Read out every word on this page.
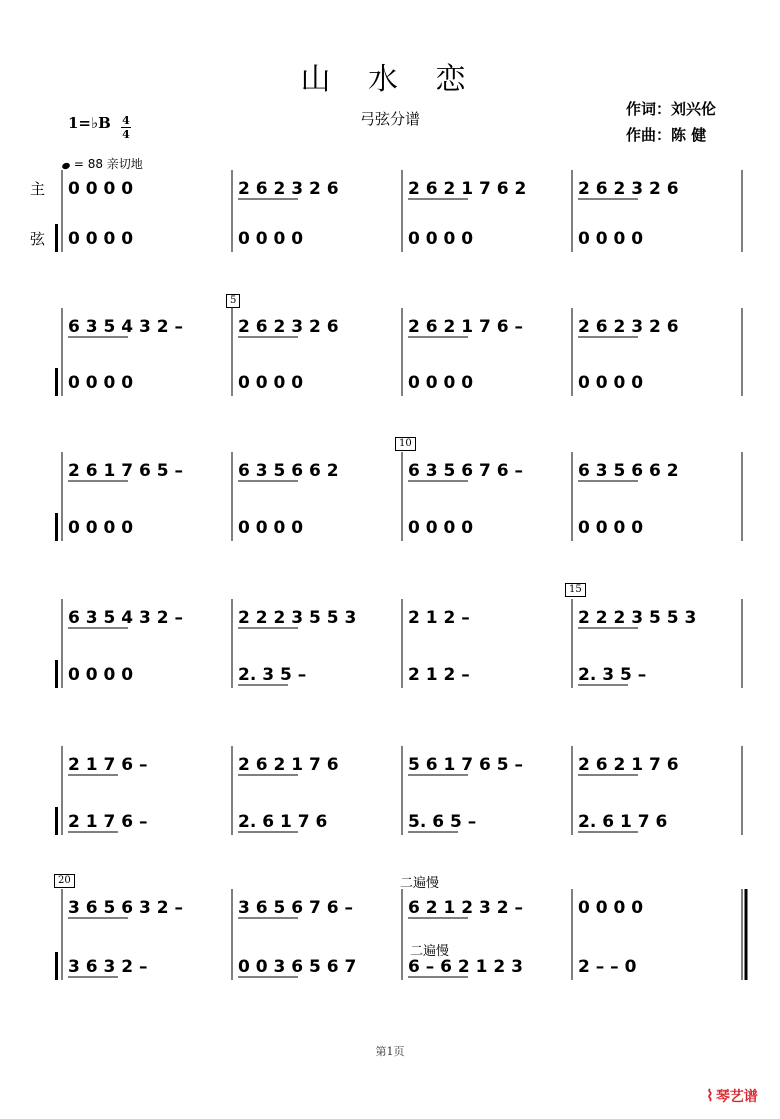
山 水 恋
弓弦分谱
作词：刘兴伦
作曲：陈 健
1=♭B 4
4
= 88 亲切地
主
弦
5
10
15
20	二遍慢
二遍慢
0 0 0 0	2 6 2 3 2 6	2 6 2 1 7 6 2	2 6 2 3 2 6
0 0 0 0	0 0 0 0	0 0 0 0	0 0 0 0
6 3 5 4 3 2 –	2 6 2 3 2 6	2 6 2 1 7 6 –	2 6 2 3 2 6
0 0 0 0	0 0 0 0	0 0 0 0	0 0 0 0
2 6 1 7 6 5 –	6 3 5 6 6 2	6 3 5 6 7 6 –	6 3 5 6 6 2
0 0 0 0	0 0 0 0	0 0 0 0	0 0 0 0
6 3 5 4 3 2 –	2 2 2 3 5 5 3	2 1 2 –	2 2 2 3 5 5 3
0 0 0 0	2. 3 5 –	2 1 2 –	2. 3 5 –
2 1 7 6 –	2 6 2 1 7 6	5 6 1 7 6 5 –	2 6 2 1 7 6
2 1 7 6 –	2. 6 1 7 6	5. 6 5 –	2. 6 1 7 6
3 6 5 6 3 2 –	3 6 5 6 7 6 –	6 2 1 2 3 2 –	0 0 0 0
3 6 3 2 –	0 0 3 6 5 6 7	6 – 6 2 1 2 3	2 – – 0
第1页
⌇ 琴艺谱
